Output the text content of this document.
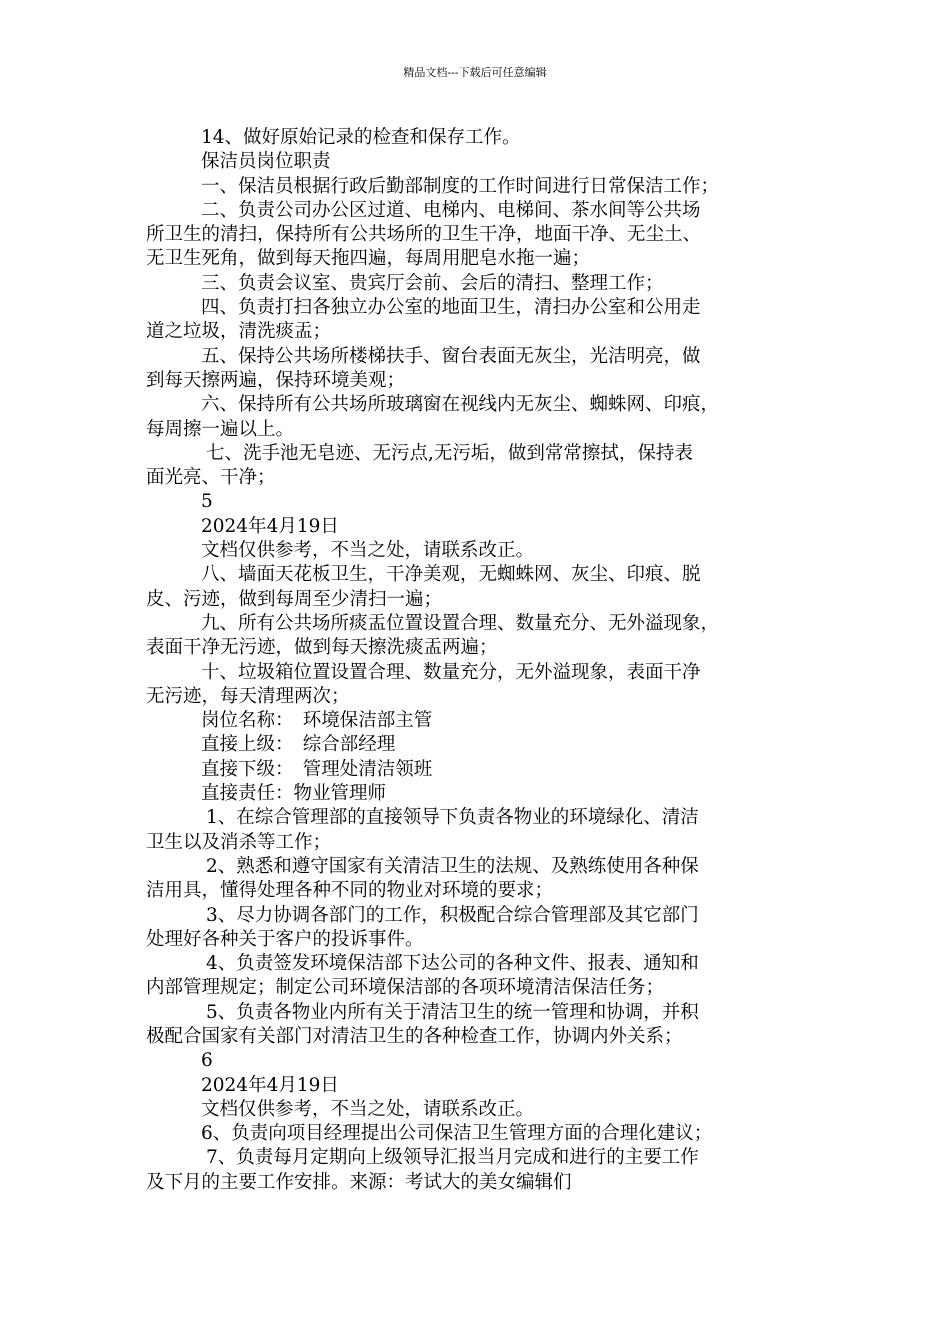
精品文档---下载后可任意编辑
14、做好原始记录的检查和保存工作。
保洁员岗位职责
一、保洁员根据行政后勤部制度的工作时间进行日常保洁工作；
二、负责公司办公区过道、电梯内、电梯间、茶水间等公共场
所卫生的清扫，保持所有公共场所的卫生干净，地面干净、无尘土、
无卫生死角，做到每天拖四遍，每周用肥皂水拖一遍；
三、负责会议室、贵宾厅会前、会后的清扫、整理工作；
四、负责打扫各独立办公室的地面卫生，清扫办公室和公用走
道之垃圾，清洗痰盂；
五、保持公共场所楼梯扶手、窗台表面无灰尘，光洁明亮，做
到每天擦两遍，保持环境美观；
六、保持所有公共场所玻璃窗在视线内无灰尘、蜘蛛网、印痕，
每周擦一遍以上。
七、洗手池无皂迹、无污点,无污垢，做到常常擦拭，保持表
面光亮、干净；
5
2024年4月19日
文档仅供参考，不当之处，请联系改正。
八、墙面天花板卫生，干净美观，无蜘蛛网、灰尘、印痕、脱
皮、污迹，做到每周至少清扫一遍；
九、所有公共场所痰盂位置设置合理、数量充分、无外溢现象，
表面干净无污迹，做到每天擦洗痰盂两遍；
十、垃圾箱位置设置合理、数量充分，无外溢现象，表面干净
无污迹，每天清理两次；
岗位名称：　环境保洁部主管
直接上级：　综合部经理
直接下级：　管理处清洁领班
直接责任：物业管理师
1、在综合管理部的直接领导下负责各物业的环境绿化、清洁
卫生以及消杀等工作；
2、熟悉和遵守国家有关清洁卫生的法规、及熟练使用各种保
洁用具，懂得处理各种不同的物业对环境的要求；
3、尽力协调各部门的工作，积极配合综合管理部及其它部门
处理好各种关于客户的投诉事件。
4、负责签发环境保洁部下达公司的各种文件、报表、通知和
内部管理规定；制定公司环境保洁部的各项环境清洁保洁任务；
5、负责各物业内所有关于清洁卫生的统一管理和协调，并积
极配合国家有关部门对清洁卫生的各种检查工作，协调内外关系；
6
2024年4月19日
文档仅供参考，不当之处，请联系改正。
6、负责向项目经理提出公司保洁卫生管理方面的合理化建议；
7、负责每月定期向上级领导汇报当月完成和进行的主要工作
及下月的主要工作安排。来源：考试大的美女编辑们
